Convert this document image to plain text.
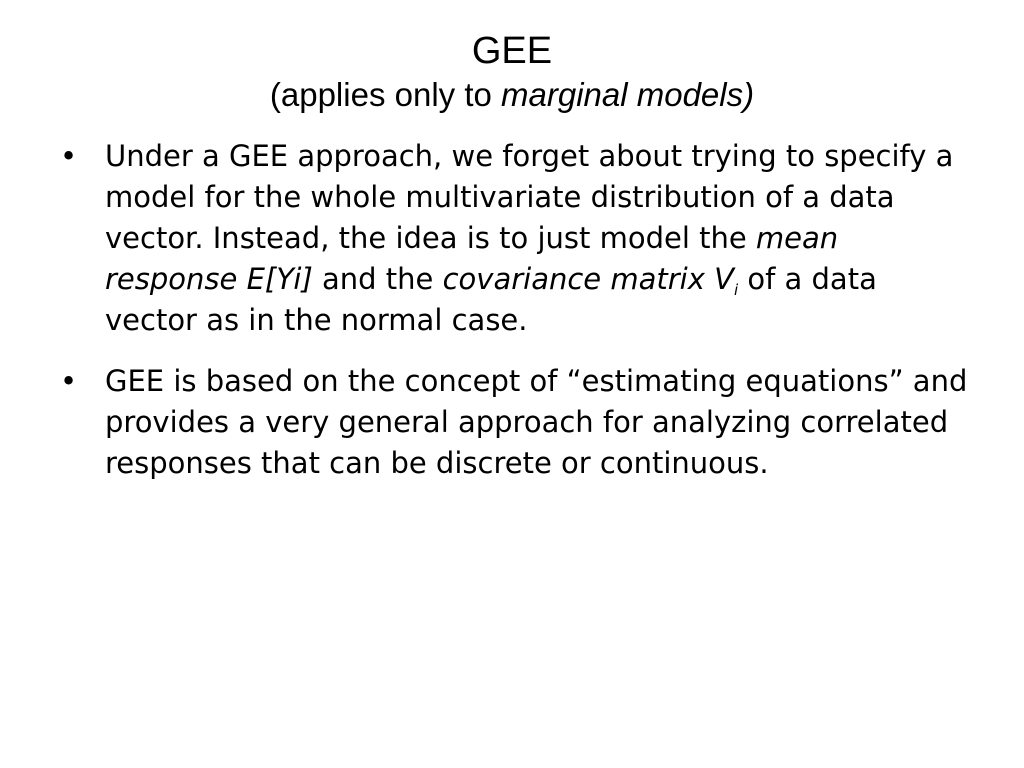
GEE
(applies only to marginal models)
• Under a GEE approach, we forget about trying to specify a model for the whole multivariate distribution of a data vector. Instead, the idea is to just model the mean response E[Yi] and the covariance matrix $V_i$ of a data vector as in the normal case.
• GEE is based on the concept of “estimating equations” and provides a very general approach for analyzing correlated responses that can be discrete or continuous.
